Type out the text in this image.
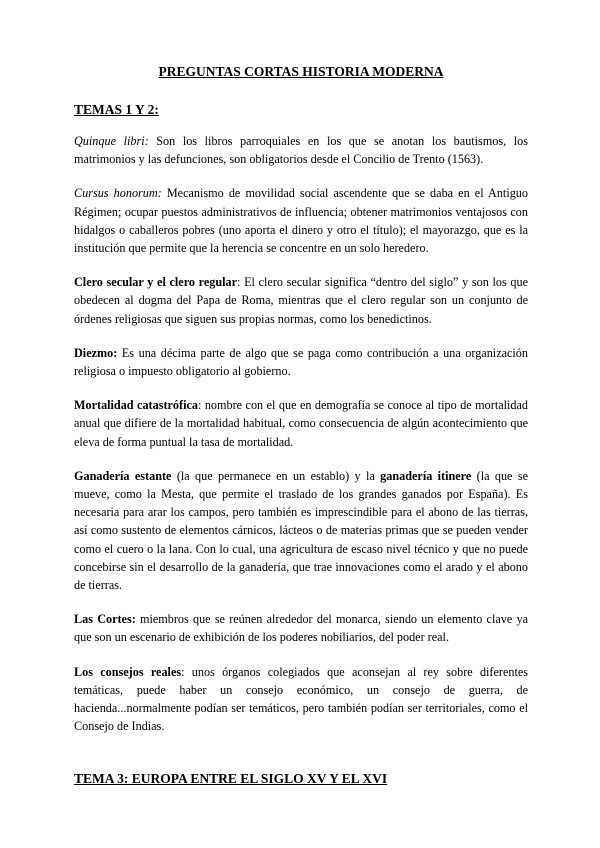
PREGUNTAS CORTAS HISTORIA MODERNA
TEMAS 1 Y 2:

Quinque libri: Son los libros parroquiales en los que se anotan los bautismos, los matrimonios y las defunciones, son obligatorios desde el Concilio de Trento (1563).

Cursus honorum: Mecanismo de movilidad social ascendente que se daba en el Antiguo Régimen; ocupar puestos administrativos de influencia; obtener matrimonios ventajosos con hidalgos o caballeros pobres (uno aporta el dinero y otro el título); el mayorazgo, que es la institución que permite que la herencia se concentre en un solo heredero.

Clero secular y el clero regular: El clero secular significa “dentro del siglo” y son los que obedecen al dogma del Papa de Roma, mientras que el clero regular son un conjunto de órdenes religiosas que siguen sus propias normas, como los benedictinos.

Diezmo: Es una décima parte de algo que se paga como contribución a una organización religiosa o impuesto obligatorio al gobierno.

Mortalidad catastrófica: nombre con el que en demografía se conoce al tipo de mortalidad anual que difiere de la mortalidad habitual, como consecuencia de algún acontecimiento que eleva de forma puntual la tasa de mortalidad.

Ganadería estante (la que permanece en un establo) y la ganadería itinere (la que se mueve, como la Mesta, que permite el traslado de los grandes ganados por España). Es necesaria para arar los campos, pero también es imprescindible para el abono de las tierras, así como sustento de elementos cárnicos, lácteos o de materias primas que se pueden vender como el cuero o la lana. Con lo cual, una agricultura de escaso nivel técnico y que no puede concebirse sin el desarrollo de la ganadería, que trae innovaciones como el arado y el abono de tierras.

Las Cortes: miembros que se reúnen alrededor del monarca, siendo un elemento clave ya que son un escenario de exhibición de los poderes nobiliarios, del poder real.

Los consejos reales: unos órganos colegiados que aconsejan al rey sobre diferentes temáticas, puede haber un consejo económico, un consejo de guerra, de hacienda...normalmente podían ser temáticos, pero también podían ser territoriales, como el Consejo de Indias.

TEMA 3: EUROPA ENTRE EL SIGLO XV Y EL XVI
